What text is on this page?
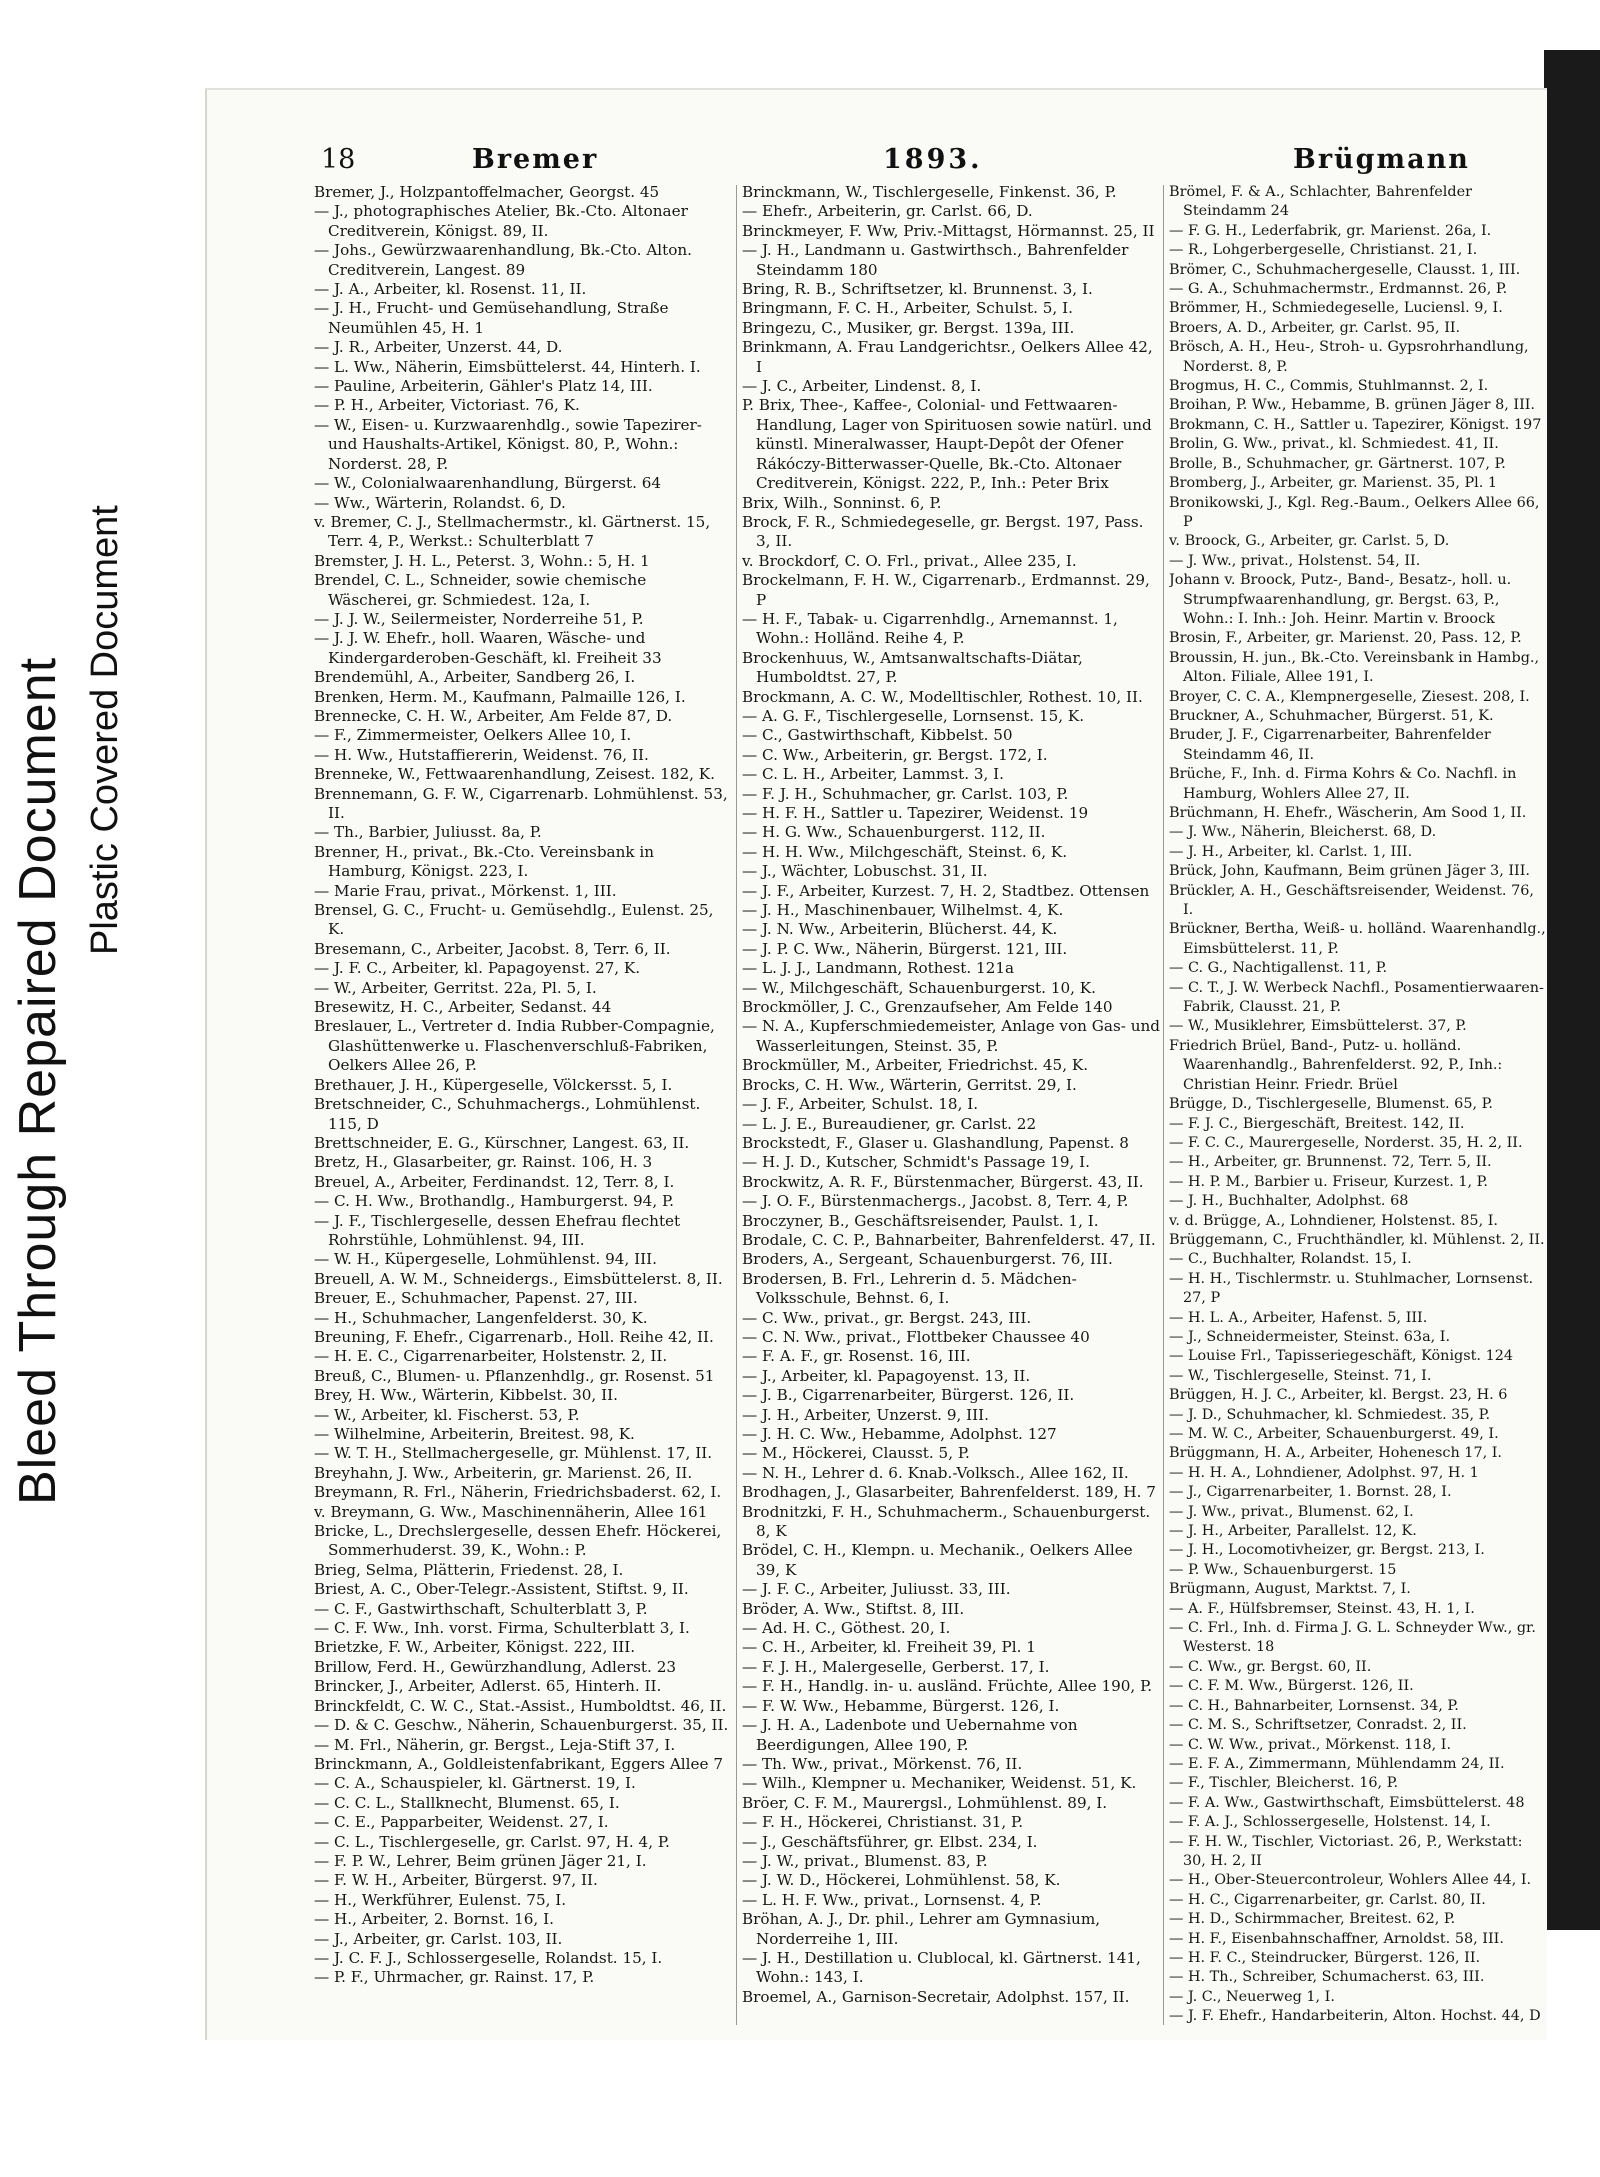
Bleed Through Repaired Document Plastic Covered Document
18	Bremer	1893.	Brügmann

Bremer, J., Holzpantoffelmacher, Georgst. 45

— J., photographisches Atelier, Bk.-Cto. Altonaer Creditverein, Königst. 89, II.

— Johs., Gewürzwaarenhandlung, Bk.-Cto. Alton. Creditverein, Langest. 89

— J. A., Arbeiter, kl. Rosenst. 11, II.

— J. H., Frucht- und Gemüsehandlung, Straße Neumühlen 45, H. 1

— J. R., Arbeiter, Unzerst. 44, D.

— L. Ww., Näherin, Eimsbüttelerst. 44, Hinterh. I.

— Pauline, Arbeiterin, Gähler's Platz 14, III.

— P. H., Arbeiter, Victoriast. 76, K.

— W., Eisen- u. Kurzwaarenhdlg., sowie Tapezirer- und Haushalts-Artikel, Königst. 80, P., Wohn.: Norderst. 28, P.

— W., Colonialwaarenhandlung, Bürgerst. 64

— Ww., Wärterin, Rolandst. 6, D.

v. Bremer, C. J., Stellmachermstr., kl. Gärtnerst. 15, Terr. 4, P., Werkst.: Schulterblatt 7

Bremster, J. H. L., Peterst. 3, Wohn.: 5, H. 1

Brendel, C. L., Schneider, sowie chemische Wäscherei, gr. Schmiedest. 12a, I.

— J. J. W., Seilermeister, Norderreihe 51, P.

— J. J. W. Ehefr., holl. Waaren, Wäsche- und Kindergarderoben-Geschäft, kl. Freiheit 33

Brendemühl, A., Arbeiter, Sandberg 26, I.

Brenken, Herm. M., Kaufmann, Palmaille 126, I.

Brennecke, C. H. W., Arbeiter, Am Felde 87, D.

— F., Zimmermeister, Oelkers Allee 10, I.

— H. Ww., Hutstaffiererin, Weidenst. 76, II.

Brenneke, W., Fettwaarenhandlung, Zeisest. 182, K.

Brennemann, G. F. W., Cigarrenarb. Lohmühlenst. 53, II.

— Th., Barbier, Juliusst. 8a, P.

Brenner, H., privat., Bk.-Cto. Vereinsbank in Hamburg, Königst. 223, I.

— Marie Frau, privat., Mörkenst. 1, III.

Brensel, G. C., Frucht- u. Gemüsehdlg., Eulenst. 25, K.

Bresemann, C., Arbeiter, Jacobst. 8, Terr. 6, II.

— J. F. C., Arbeiter, kl. Papagoyenst. 27, K.

— W., Arbeiter, Gerritst. 22a, Pl. 5, I.

Bresewitz, H. C., Arbeiter, Sedanst. 44

Breslauer, L., Vertreter d. India Rubber-Compagnie, Glashüttenwerke u. Flaschenverschluß-Fabriken, Oelkers Allee 26, P.

Brethauer, J. H., Küpergeselle, Völckersst. 5, I.

Bretschneider, C., Schuhmachergs., Lohmühlenst. 115, D

Brettschneider, E. G., Kürschner, Langest. 63, II.

Bretz, H., Glasarbeiter, gr. Rainst. 106, H. 3

Breuel, A., Arbeiter, Ferdinandst. 12, Terr. 8, I.

— C. H. Ww., Brothandlg., Hamburgerst. 94, P.

— J. F., Tischlergeselle, dessen Ehefrau flechtet Rohrstühle, Lohmühlenst. 94, III.

— W. H., Küpergeselle, Lohmühlenst. 94, III.

Breuell, A. W. M., Schneidergs., Eimsbüttelerst. 8, II.

Breuer, E., Schuhmacher, Papenst. 27, III.

— H., Schuhmacher, Langenfelderst. 30, K.

Breuning, F. Ehefr., Cigarrenarb., Holl. Reihe 42, II.

— H. E. C., Cigarrenarbeiter, Holstenstr. 2, II.

Breuß, C., Blumen- u. Pflanzenhdlg., gr. Rosenst. 51

Brey, H. Ww., Wärterin, Kibbelst. 30, II.

— W., Arbeiter, kl. Fischerst. 53, P.

— Wilhelmine, Arbeiterin, Breitest. 98, K.

— W. T. H., Stellmachergeselle, gr. Mühlenst. 17, II.

Breyhahn, J. Ww., Arbeiterin, gr. Marienst. 26, II.

Breymann, R. Frl., Näherin, Friedrichsbaderst. 62, I.

v. Breymann, G. Ww., Maschinennäherin, Allee 161

Bricke, L., Drechslergeselle, dessen Ehefr. Höckerei, Sommerhuderst. 39, K., Wohn.: P.

Brieg, Selma, Plätterin, Friedenst. 28, I.

Briest, A. C., Ober-Telegr.-Assistent, Stiftst. 9, II.

— C. F., Gastwirthschaft, Schulterblatt 3, P.

— C. F. Ww., Inh. vorst. Firma, Schulterblatt 3, I.

Brietzke, F. W., Arbeiter, Königst. 222, III.

Brillow, Ferd. H., Gewürzhandlung, Adlerst. 23

Brincker, J., Arbeiter, Adlerst. 65, Hinterh. II.

Brinckfeldt, C. W. C., Stat.-Assist., Humboldtst. 46, II.

— D. & C. Geschw., Näherin, Schauenburgerst. 35, II.

— M. Frl., Näherin, gr. Bergst., Leja-Stift 37, I.

Brinckmann, A., Goldleistenfabrikant, Eggers Allee 7

— C. A., Schauspieler, kl. Gärtnerst. 19, I.

— C. C. L., Stallknecht, Blumenst. 65, I.

— C. E., Papparbeiter, Weidenst. 27, I.

— C. L., Tischlergeselle, gr. Carlst. 97, H. 4, P.

— F. P. W., Lehrer, Beim grünen Jäger 21, I.

— F. W. H., Arbeiter, Bürgerst. 97, II.

— H., Werkführer, Eulenst. 75, I.

— H., Arbeiter, 2. Bornst. 16, I.

— J., Arbeiter, gr. Carlst. 103, II.

— J. C. F. J., Schlossergeselle, Rolandst. 15, I.

— P. F., Uhrmacher, gr. Rainst. 17, P.

Brinckmann, W., Tischlergeselle, Finkenst. 36, P.

— Ehefr., Arbeiterin, gr. Carlst. 66, D.

Brinckmeyer, F. Ww, Priv.-Mittagst, Hörmannst. 25, II

— J. H., Landmann u. Gastwirthsch., Bahrenfelder Steindamm 180

Bring, R. B., Schriftsetzer, kl. Brunnenst. 3, I.

Bringmann, F. C. H., Arbeiter, Schulst. 5, I.

Bringezu, C., Musiker, gr. Bergst. 139a, III.

Brinkmann, A. Frau Landgerichtsr., Oelkers Allee 42, I

— J. C., Arbeiter, Lindenst. 8, I.

P. Brix, Thee-, Kaffee-, Colonial- und Fettwaaren-Handlung, Lager von Spirituosen sowie natürl. und künstl. Mineralwasser, Haupt-Depôt der Ofener Rákóczy-Bitterwasser-Quelle, Bk.-Cto. Altonaer Creditverein, Königst. 222, P., Inh.: Peter Brix

Brix, Wilh., Sonninst. 6, P.

Brock, F. R., Schmiedegeselle, gr. Bergst. 197, Pass. 3, II.

v. Brockdorf, C. O. Frl., privat., Allee 235, I.

Brockelmann, F. H. W., Cigarrenarb., Erdmannst. 29, P

— H. F., Tabak- u. Cigarrenhdlg., Arnemannst. 1, Wohn.: Holländ. Reihe 4, P.

Brockenhuus, W., Amtsanwaltschafts-Diätar, Humboldtst. 27, P.

Brockmann, A. C. W., Modelltischler, Rothest. 10, II.

— A. G. F., Tischlergeselle, Lornsenst. 15, K.

— C., Gastwirthschaft, Kibbelst. 50

— C. Ww., Arbeiterin, gr. Bergst. 172, I.

— C. L. H., Arbeiter, Lammst. 3, I.

— F. J. H., Schuhmacher, gr. Carlst. 103, P.

— H. F. H., Sattler u. Tapezirer, Weidenst. 19

— H. G. Ww., Schauenburgerst. 112, II.

— H. H. Ww., Milchgeschäft, Steinst. 6, K.

— J., Wächter, Lobuschst. 31, II.

— J. F., Arbeiter, Kurzest. 7, H. 2, Stadtbez. Ottensen

— J. H., Maschinenbauer, Wilhelmst. 4, K.

— J. N. Ww., Arbeiterin, Blücherst. 44, K.

— J. P. C. Ww., Näherin, Bürgerst. 121, III.

— L. J. J., Landmann, Rothest. 121a

— W., Milchgeschäft, Schauenburgerst. 10, K.

Brockmöller, J. C., Grenzaufseher, Am Felde 140

— N. A., Kupferschmiedemeister, Anlage von Gas- und Wasserleitungen, Steinst. 35, P.

Brockmüller, M., Arbeiter, Friedrichst. 45, K.

Brocks, C. H. Ww., Wärterin, Gerritst. 29, I.

— J. F., Arbeiter, Schulst. 18, I.

— L. J. E., Bureaudiener, gr. Carlst. 22

Brockstedt, F., Glaser u. Glashandlung, Papenst. 8

— H. J. D., Kutscher, Schmidt's Passage 19, I.

Brockwitz, A. R. F., Bürstenmacher, Bürgerst. 43, II.

— J. O. F., Bürstenmachergs., Jacobst. 8, Terr. 4, P.

Broczyner, B., Geschäftsreisender, Paulst. 1, I.

Brodale, C. C. P., Bahnarbeiter, Bahrenfelderst. 47, II.

Broders, A., Sergeant, Schauenburgerst. 76, III.

Brodersen, B. Frl., Lehrerin d. 5. Mädchen-Volksschule, Behnst. 6, I.

— C. Ww., privat., gr. Bergst. 243, III.

— C. N. Ww., privat., Flottbeker Chaussee 40

— F. A. F., gr. Rosenst. 16, III.

— J., Arbeiter, kl. Papagoyenst. 13, II.

— J. B., Cigarrenarbeiter, Bürgerst. 126, II.

— J. H., Arbeiter, Unzerst. 9, III.

— J. H. C. Ww., Hebamme, Adolphst. 127

— M., Höckerei, Clausst. 5, P.

— N. H., Lehrer d. 6. Knab.-Volksch., Allee 162, II.

Brodhagen, J., Glasarbeiter, Bahrenfelderst. 189, H. 7

Brodnitzki, F. H., Schuhmacherm., Schauenburgerst. 8, K

Brödel, C. H., Klempn. u. Mechanik., Oelkers Allee 39, K

— J. F. C., Arbeiter, Juliusst. 33, III.

Bröder, A. Ww., Stiftst. 8, III.

— Ad. H. C., Göthest. 20, I.

— C. H., Arbeiter, kl. Freiheit 39, Pl. 1

— F. J. H., Malergeselle, Gerberst. 17, I.

— F. H., Handlg. in- u. ausländ. Früchte, Allee 190, P.

— F. W. Ww., Hebamme, Bürgerst. 126, I.

— J. H. A., Ladenbote und Uebernahme von Beerdigungen, Allee 190, P.

— Th. Ww., privat., Mörkenst. 76, II.

— Wilh., Klempner u. Mechaniker, Weidenst. 51, K.

Bröer, C. F. M., Maurergsl., Lohmühlenst. 89, I.

— F. H., Höckerei, Christianst. 31, P.

— J., Geschäftsführer, gr. Elbst. 234, I.

— J. W., privat., Blumenst. 83, P.

— J. W. D., Höckerei, Lohmühlenst. 58, K.

— L. H. F. Ww., privat., Lornsenst. 4, P.

Bröhan, A. J., Dr. phil., Lehrer am Gymnasium, Norderreihe 1, III.

— J. H., Destillation u. Clublocal, kl. Gärtnerst. 141, Wohn.: 143, I.

Broemel, A., Garnison-Secretair, Adolphst. 157, II.

Brömel, F. & A., Schlachter, Bahrenfelder Steindamm 24

— F. G. H., Lederfabrik, gr. Marienst. 26a, I.

— R., Lohgerbergeselle, Christianst. 21, I.

Brömer, C., Schuhmachergeselle, Clausst. 1, III.

— G. A., Schuhmachermstr., Erdmannst. 26, P.

Brömmer, H., Schmiedegeselle, Luciensl. 9, I.

Broers, A. D., Arbeiter, gr. Carlst. 95, II.

Brösch, A. H., Heu-, Stroh- u. Gypsrohrhandlung, Norderst. 8, P.

Brogmus, H. C., Commis, Stuhlmannst. 2, I.

Broihan, P. Ww., Hebamme, B. grünen Jäger 8, III.

Brokmann, C. H., Sattler u. Tapezirer, Königst. 197

Brolin, G. Ww., privat., kl. Schmiedest. 41, II.

Brolle, B., Schuhmacher, gr. Gärtnerst. 107, P.

Bromberg, J., Arbeiter, gr. Marienst. 35, Pl. 1

Bronikowski, J., Kgl. Reg.-Baum., Oelkers Allee 66, P

v. Broock, G., Arbeiter, gr. Carlst. 5, D.

— J. Ww., privat., Holstenst. 54, II.

Johann v. Broock, Putz-, Band-, Besatz-, holl. u. Strumpfwaarenhandlung, gr. Bergst. 63, P., Wohn.: I. Inh.: Joh. Heinr. Martin v. Broock

Brosin, F., Arbeiter, gr. Marienst. 20, Pass. 12, P.

Broussin, H. jun., Bk.-Cto. Vereinsbank in Hambg., Alton. Filiale, Allee 191, I.

Broyer, C. C. A., Klempnergeselle, Ziesest. 208, I.

Bruckner, A., Schuhmacher, Bürgerst. 51, K.

Bruder, J. F., Cigarrenarbeiter, Bahrenfelder Steindamm 46, II.

Brüche, F., Inh. d. Firma Kohrs & Co. Nachfl. in Hamburg, Wohlers Allee 27, II.

Brüchmann, H. Ehefr., Wäscherin, Am Sood 1, II.

— J. Ww., Näherin, Bleicherst. 68, D.

— J. H., Arbeiter, kl. Carlst. 1, III.

Brück, John, Kaufmann, Beim grünen Jäger 3, III.

Brückler, A. H., Geschäftsreisender, Weidenst. 76, I.

Brückner, Bertha, Weiß- u. holländ. Waarenhandlg., Eimsbüttelerst. 11, P.

— C. G., Nachtigallenst. 11, P.

— C. T., J. W. Werbeck Nachfl., Posamentierwaaren-Fabrik, Clausst. 21, P.

— W., Musiklehrer, Eimsbüttelerst. 37, P.

Friedrich Brüel, Band-, Putz- u. holländ. Waarenhandlg., Bahrenfelderst. 92, P., Inh.: Christian Heinr. Friedr. Brüel

Brügge, D., Tischlergeselle, Blumenst. 65, P.

— F. J. C., Biergeschäft, Breitest. 142, II.

— F. C. C., Maurergeselle, Norderst. 35, H. 2, II.

— H., Arbeiter, gr. Brunnenst. 72, Terr. 5, II.

— H. P. M., Barbier u. Friseur, Kurzest. 1, P.

— J. H., Buchhalter, Adolphst. 68

v. d. Brügge, A., Lohndiener, Holstenst. 85, I.

Brüggemann, C., Fruchthändler, kl. Mühlenst. 2, II.

— C., Buchhalter, Rolandst. 15, I.

— H. H., Tischlermstr. u. Stuhlmacher, Lornsenst. 27, P

— H. L. A., Arbeiter, Hafenst. 5, III.

— J., Schneidermeister, Steinst. 63a, I.

— Louise Frl., Tapisseriegeschäft, Königst. 124

— W., Tischlergeselle, Steinst. 71, I.

Brüggen, H. J. C., Arbeiter, kl. Bergst. 23, H. 6

— J. D., Schuhmacher, kl. Schmiedest. 35, P.

— M. W. C., Arbeiter, Schauenburgerst. 49, I.

Brüggmann, H. A., Arbeiter, Hohenesch 17, I.

— H. H. A., Lohndiener, Adolphst. 97, H. 1

— J., Cigarrenarbeiter, 1. Bornst. 28, I.

— J. Ww., privat., Blumenst. 62, I.

— J. H., Arbeiter, Parallelst. 12, K.

— J. H., Locomotivheizer, gr. Bergst. 213, I.

— P. Ww., Schauenburgerst. 15

Brügmann, August, Marktst. 7, I.

— A. F., Hülfsbremser, Steinst. 43, H. 1, I.

— C. Frl., Inh. d. Firma J. G. L. Schneyder Ww., gr. Westerst. 18

— C. Ww., gr. Bergst. 60, II.

— C. F. M. Ww., Bürgerst. 126, II.

— C. H., Bahnarbeiter, Lornsenst. 34, P.

— C. M. S., Schriftsetzer, Conradst. 2, II.

— C. W. Ww., privat., Mörkenst. 118, I.

— E. F. A., Zimmermann, Mühlendamm 24, II.

— F., Tischler, Bleicherst. 16, P.

— F. A. Ww., Gastwirthschaft, Eimsbüttelerst. 48

— F. A. J., Schlossergeselle, Holstenst. 14, I.

— F. H. W., Tischler, Victoriast. 26, P., Werkstatt: 30, H. 2, II

— H., Ober-Steuercontroleur, Wohlers Allee 44, I.

— H. C., Cigarrenarbeiter, gr. Carlst. 80, II.

— H. D., Schirmmacher, Breitest. 62, P.

— H. F., Eisenbahnschaffner, Arnoldst. 58, III.

— H. F. C., Steindrucker, Bürgerst. 126, II.

— H. Th., Schreiber, Schumacherst. 63, III.

— J. C., Neuerweg 1, I.

— J. F. Ehefr., Handarbeiterin, Alton. Hochst. 44, D
